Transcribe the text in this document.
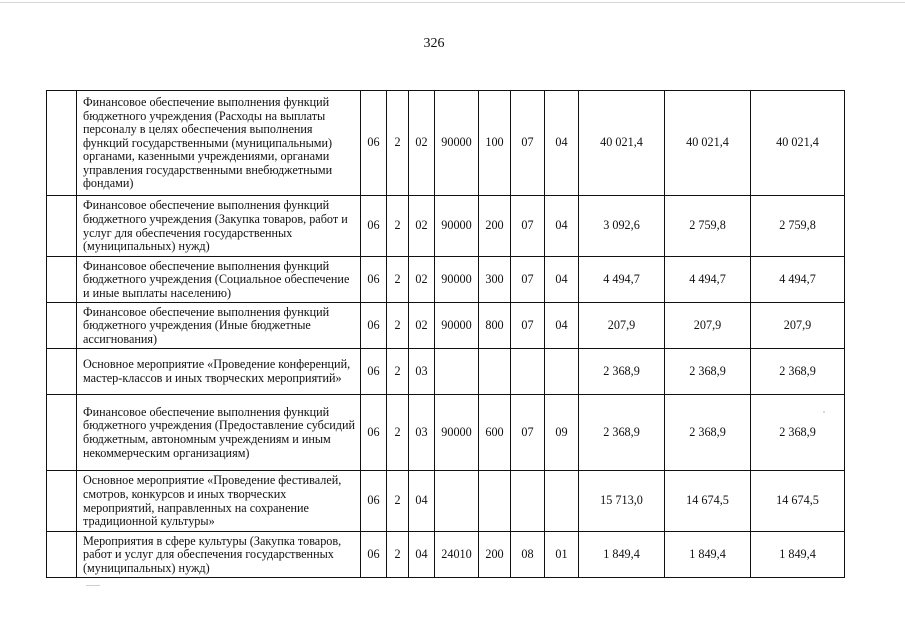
326
	Финансовое обеспечение выполнения функций бюджетного учреждения (Расходы на выплаты персоналу в целях обеспечения выполнения функций государственными (муниципальными) органами, казенными учреждениями, органами управления государственными внебюджетными фондами)	06	2	02	90000	100	07	04	40 021,4	40 021,4	40 021,4
	Финансовое обеспечение выполнения функций бюджетного учреждения (Закупка товаров, работ и услуг для обеспечения государственных (муниципальных) нужд)	06	2	02	90000	200	07	04	3 092,6	2 759,8	2 759,8
	Финансовое обеспечение выполнения функций бюджетного учреждения (Социальное обеспечение и иные выплаты населению)	06	2	02	90000	300	07	04	4 494,7	4 494,7	4 494,7
	Финансовое обеспечение выполнения функций бюджетного учреждения (Иные бюджетные ассигнования)	06	2	02	90000	800	07	04	207,9	207,9	207,9
	Основное мероприятие «Проведение конференций, мастер-классов и иных творческих мероприятий»	06	2	03					2 368,9	2 368,9	2 368,9
	Финансовое обеспечение выполнения функций бюджетного учреждения (Предоставление субсидий бюджетным, автономным учреждениям и иным некоммерческим организациям)	06	2	03	90000	600	07	09	2 368,9	2 368,9	2 368,9
	Основное мероприятие «Проведение фестивалей, смотров, конкурсов и иных творческих мероприятий, направленных на сохранение традиционной культуры»	06	2	04					15 713,0	14 674,5	14 674,5
	Мероприятия в сфере культуры (Закупка товаров, работ и услуг для обеспечения государственных (муниципальных) нужд)	06	2	04	24010	200	08	01	1 849,4	1 849,4	1 849,4
